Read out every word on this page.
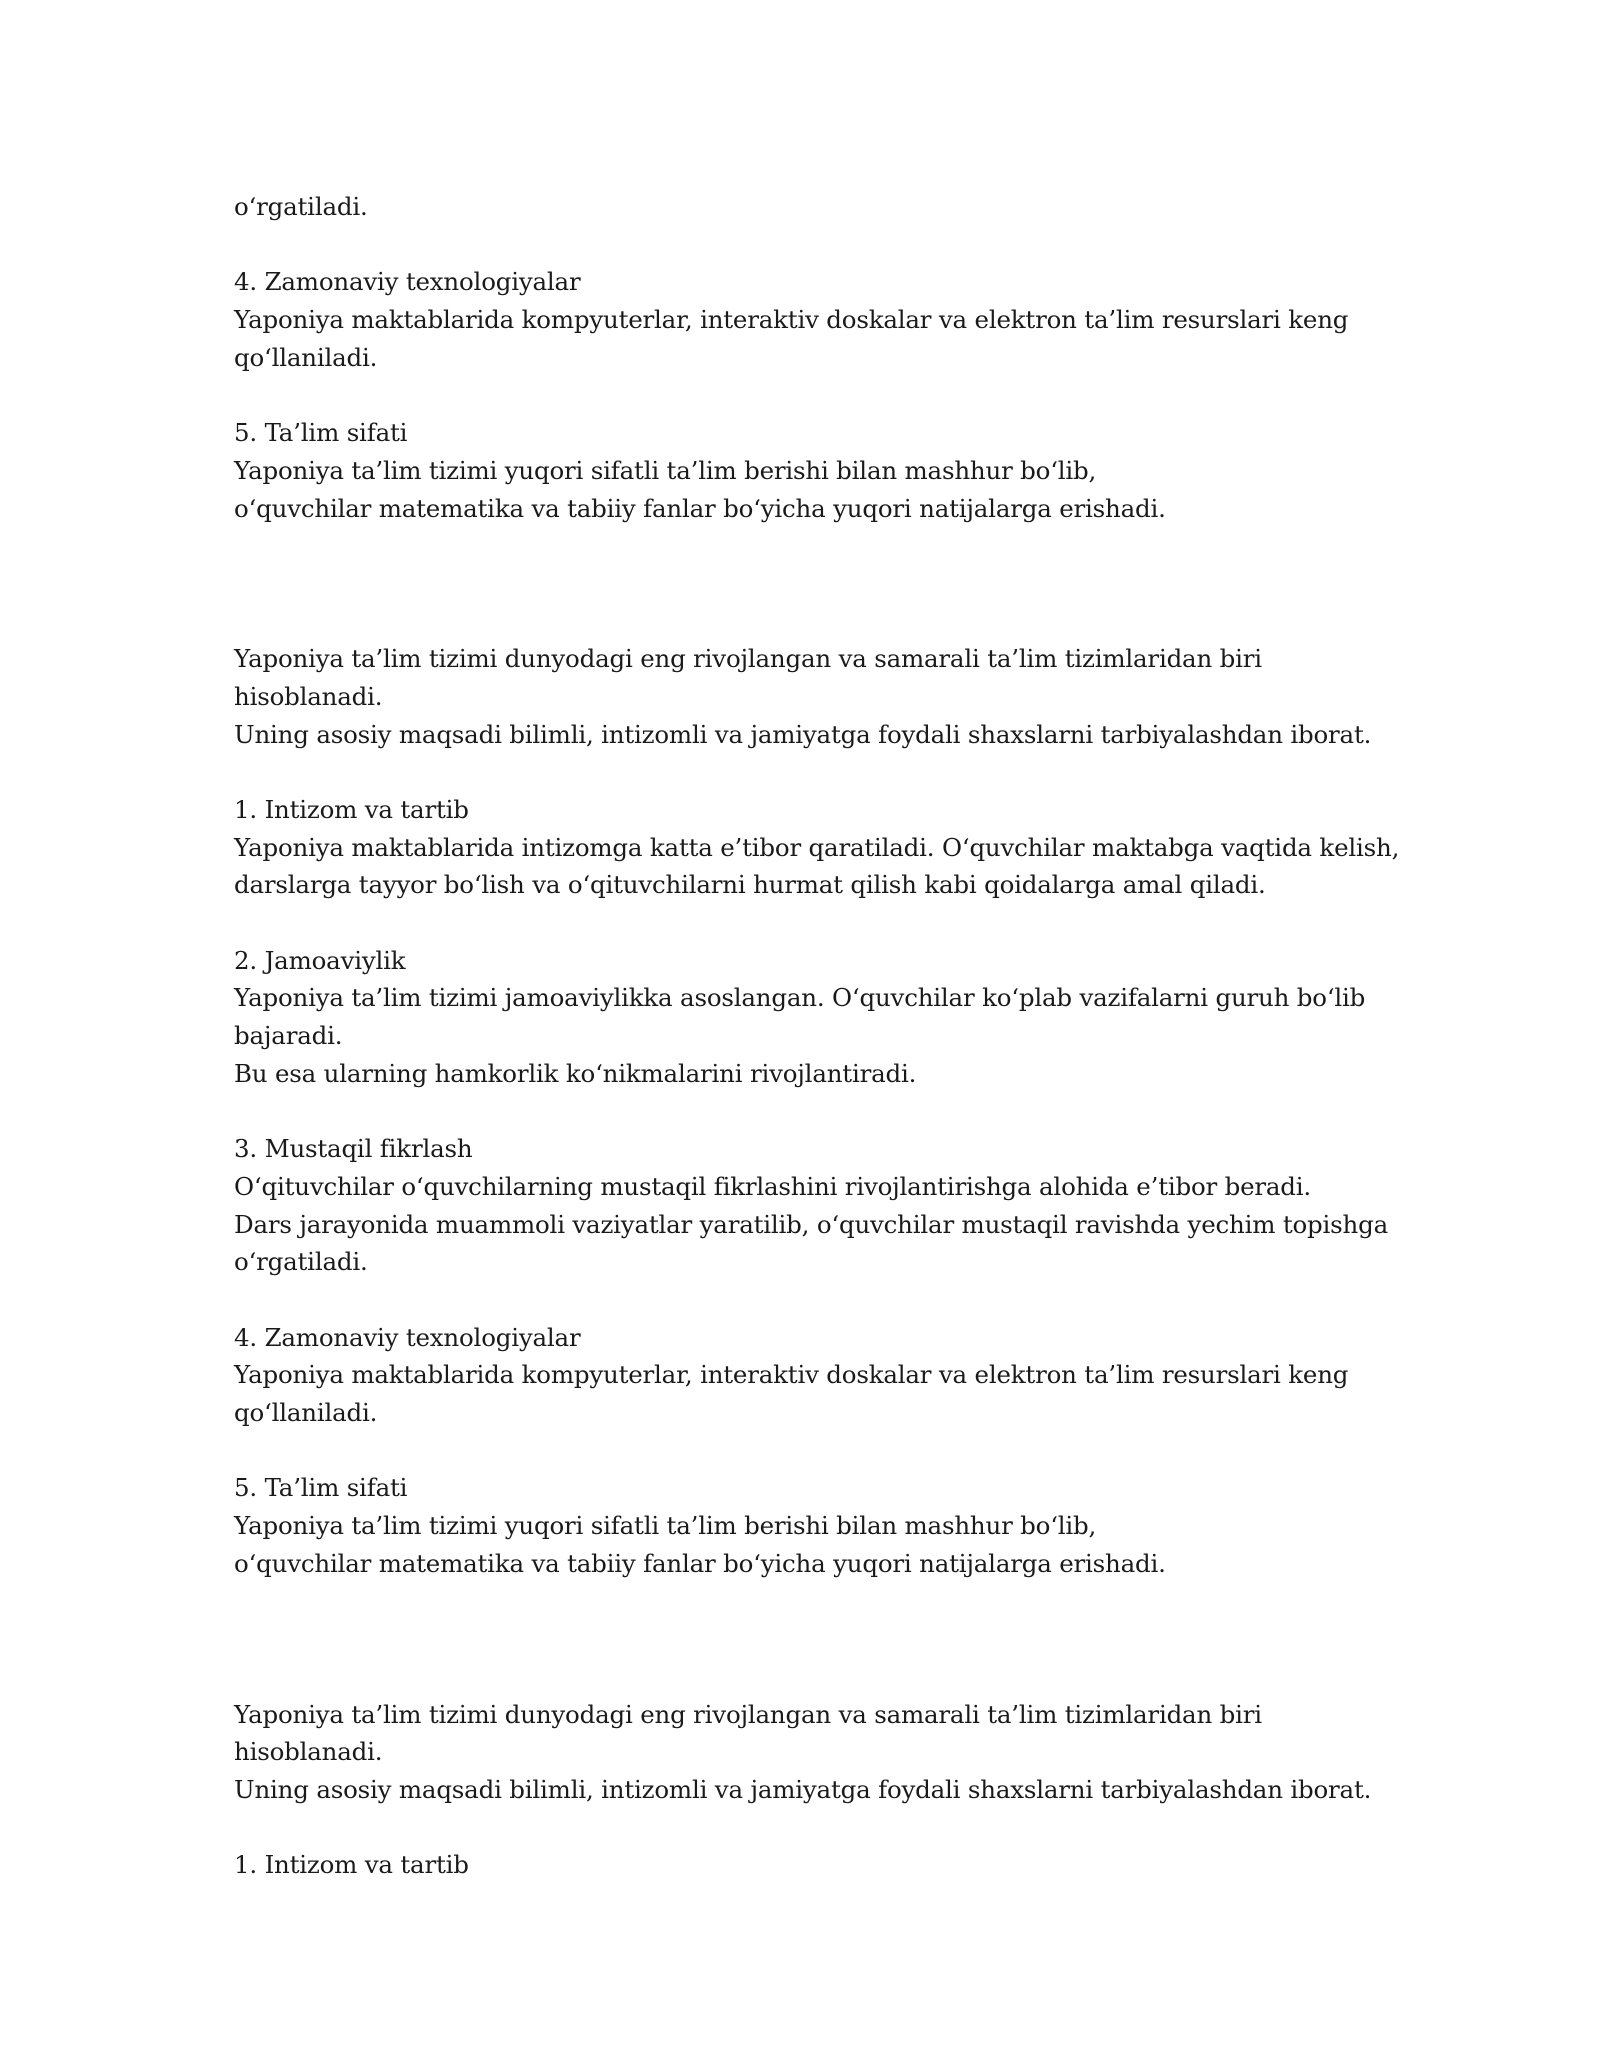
o‘rgatiladi.
4. Zamonaviy texnologiyalar
Yaponiya maktablarida kompyuterlar, interaktiv doskalar va elektron ta’lim resurslari keng
qo‘llaniladi.
5. Ta’lim sifati
Yaponiya ta’lim tizimi yuqori sifatli ta’lim berishi bilan mashhur bo‘lib,
o‘quvchilar matematika va tabiiy fanlar bo‘yicha yuqori natijalarga erishadi.
Yaponiya ta’lim tizimi dunyodagi eng rivojlangan va samarali ta’lim tizimlaridan biri
hisoblanadi.
Uning asosiy maqsadi bilimli, intizomli va jamiyatga foydali shaxslarni tarbiyalashdan iborat.
1. Intizom va tartib
Yaponiya maktablarida intizomga katta e’tibor qaratiladi. O‘quvchilar maktabga vaqtida kelish,
darslarga tayyor bo‘lish va o‘qituvchilarni hurmat qilish kabi qoidalarga amal qiladi.
2. Jamoaviylik
Yaponiya ta’lim tizimi jamoaviylikka asoslangan. O‘quvchilar ko‘plab vazifalarni guruh bo‘lib
bajaradi.
Bu esa ularning hamkorlik ko‘nikmalarini rivojlantiradi.
3. Mustaqil fikrlash
O‘qituvchilar o‘quvchilarning mustaqil fikrlashini rivojlantirishga alohida e’tibor beradi.
Dars jarayonida muammoli vaziyatlar yaratilib, o‘quvchilar mustaqil ravishda yechim topishga
o‘rgatiladi.
4. Zamonaviy texnologiyalar
Yaponiya maktablarida kompyuterlar, interaktiv doskalar va elektron ta’lim resurslari keng
qo‘llaniladi.
5. Ta’lim sifati
Yaponiya ta’lim tizimi yuqori sifatli ta’lim berishi bilan mashhur bo‘lib,
o‘quvchilar matematika va tabiiy fanlar bo‘yicha yuqori natijalarga erishadi.
Yaponiya ta’lim tizimi dunyodagi eng rivojlangan va samarali ta’lim tizimlaridan biri
hisoblanadi.
Uning asosiy maqsadi bilimli, intizomli va jamiyatga foydali shaxslarni tarbiyalashdan iborat.
1. Intizom va tartib
